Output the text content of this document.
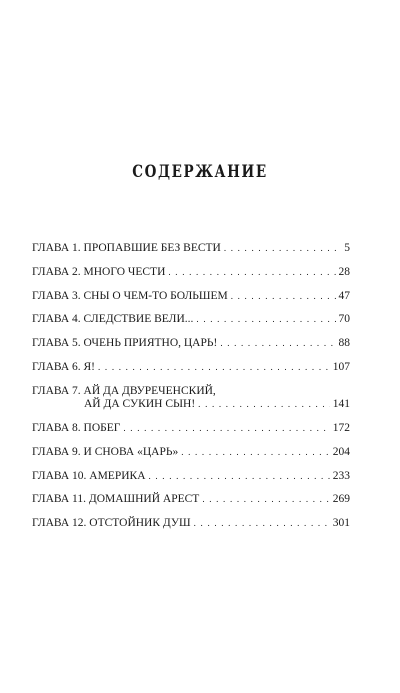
СОДЕРЖАНИЕ
ГЛАВА 1. ПРОПАВШИЕ БЕЗ ВЕСТИ . . .	5
ГЛАВА 2. МНОГО ЧЕСТИ . . .	28
ГЛАВА 3. СНЫ О ЧЕМ-ТО БОЛЬШЕМ . . .	47
ГЛАВА 4. СЛЕДСТВИЕ ВЕЛИ... . . .	70
ГЛАВА 5. ОЧЕНЬ ПРИЯТНО, ЦАРЬ! . . .	88
ГЛАВА 6. Я! . . .	107
ГЛАВА 7. АЙ ДА ДВУРЕЧЕНСКИЙ,
АЙ ДА СУКИН СЫН! . . .	141
ГЛАВА 8. ПОБЕГ . . .	172
ГЛАВА 9. И СНОВА «ЦАРЬ» . . .	204
ГЛАВА 10. АМЕРИКА . . .	233
ГЛАВА 11. ДОМАШНИЙ АРЕСТ . . .	269
ГЛАВА 12. ОТСТОЙНИК ДУШ . . .	301
